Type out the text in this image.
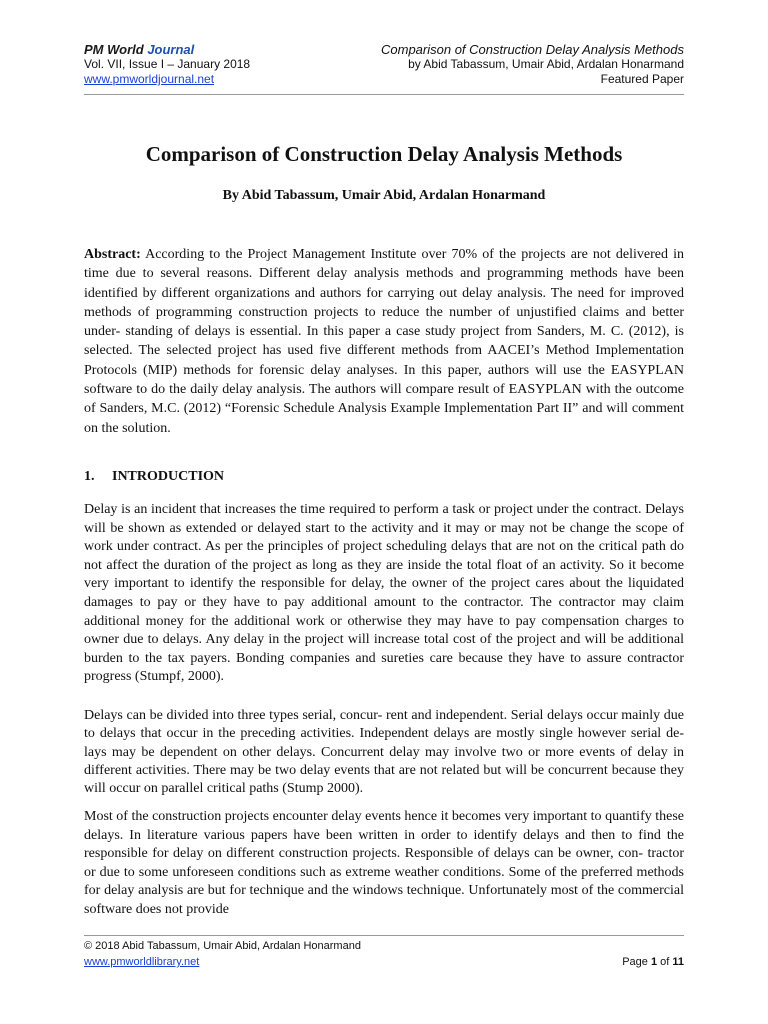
PM World Journal
Vol. VII, Issue I – January 2018
www.pmworldjournal.net
Comparison of Construction Delay Analysis Methods
by Abid Tabassum, Umair Abid, Ardalan Honarmand
Featured Paper
Comparison of Construction Delay Analysis Methods
By Abid Tabassum, Umair Abid, Ardalan Honarmand

Abstract: According to the Project Management Institute over 70% of the projects are not delivered in time due to several reasons. Different delay analysis methods and programming methods have been identified by different organizations and authors for carrying out delay analysis. The need for improved methods of programming construction projects to reduce the number of unjustified claims and better under- standing of delays is essential. In this paper a case study project from Sanders, M. C. (2012), is selected. The selected project has used five different methods from AACEI’s Method Implementation Protocols (MIP) methods for forensic delay analyses. In this paper, authors will use the EASYPLAN software to do the daily delay analysis. The authors will compare result of EASYPLAN with the outcome of Sanders, M.C. (2012) “Forensic Schedule Analysis Example Implementation Part II” and will comment on the solution.

1. INTRODUCTION

Delay is an incident that increases the time required to perform a task or project under the contract. Delays will be shown as extended or delayed start to the activity and it may or may not be change the scope of work under contract. As per the principles of project scheduling delays that are not on the critical path do not affect the duration of the project as long as they are inside the total float of an activity. So it become very important to identify the responsible for delay, the owner of the project cares about the liquidated damages to pay or they have to pay additional amount to the contractor. The contractor may claim additional money for the additional work or otherwise they may have to pay compensation charges to owner due to delays. Any delay in the project will increase total cost of the project and will be additional burden to the tax payers. Bonding companies and sureties care because they have to assure contractor progress (Stumpf, 2000).

Delays can be divided into three types serial, concur- rent and independent. Serial delays occur mainly due to delays that occur in the preceding activities. Independent delays are mostly single however serial de- lays may be dependent on other delays. Concurrent delay may involve two or more events of delay in different activities. There may be two delay events that are not related but will be concurrent because they will occur on parallel critical paths (Stump 2000).

Most of the construction projects encounter delay events hence it becomes very important to quantify these delays. In literature various papers have been written in order to identify delays and then to find the responsible for delay on different construction projects. Responsible of delays can be owner, con- tractor or due to some unforeseen conditions such as extreme weather conditions. Some of the preferred methods for delay analysis are but for technique and the windows technique. Unfortunately most of the commercial software does not provide

© 2018 Abid Tabassum, Umair Abid, Ardalan Honarmand
www.pmworldlibrary.net	Page 1 of 11
